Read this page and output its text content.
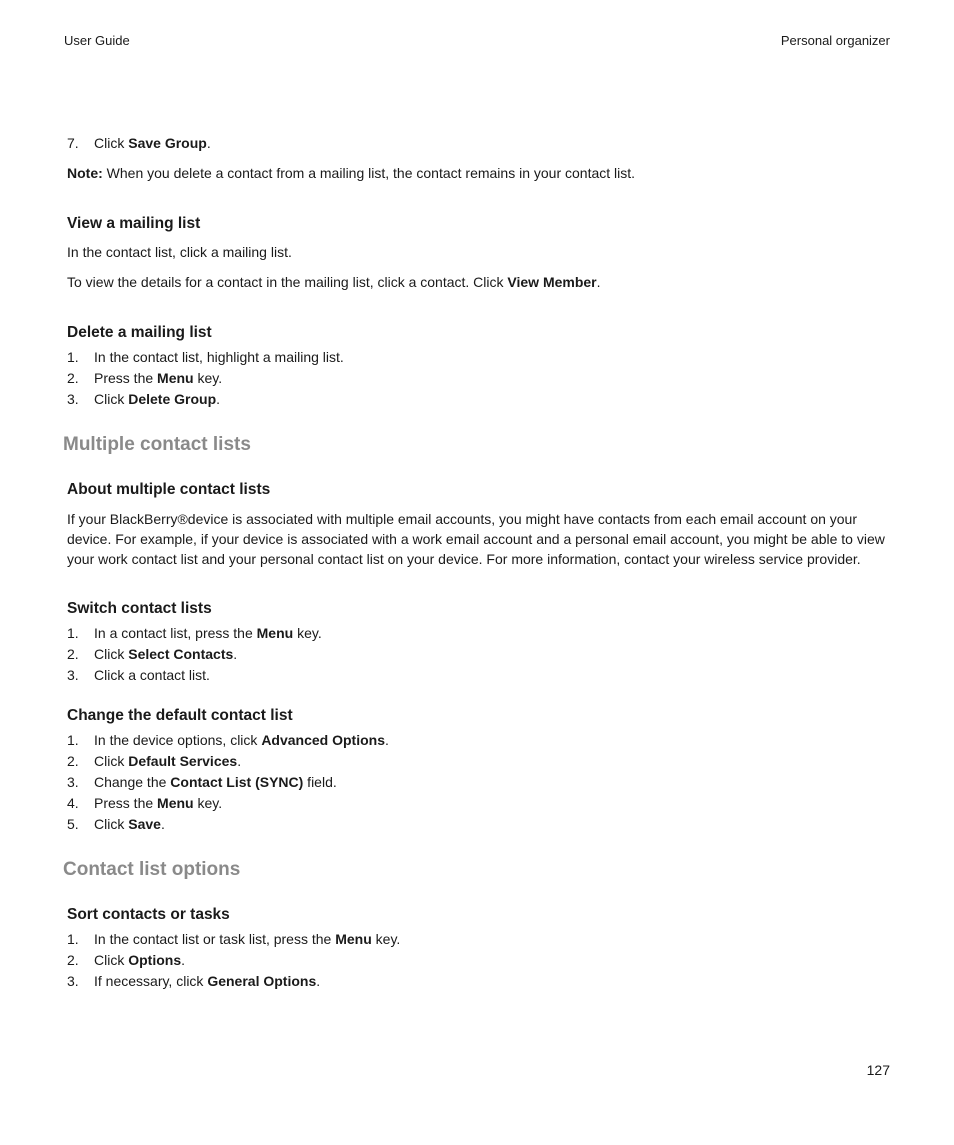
User Guide	Personal organizer
7.	Click Save Group.

Note: When you delete a contact from a mailing list, the contact remains in your contact list.

View a mailing list

In the contact list, click a mailing list.

To view the details for a contact in the mailing list, click a contact. Click View Member.

Delete a mailing list
1.	In the contact list, highlight a mailing list.
2.	Press the Menu key.
3.	Click Delete Group.
Multiple contact lists
About multiple contact lists

If your BlackBerry®device is associated with multiple email accounts, you might have contacts from each email account on your device. For example, if your device is associated with a work email account and a personal email account, you might be able to view your work contact list and your personal contact list on your device. For more information, contact your wireless service provider.

Switch contact lists
1.	In a contact list, press the Menu key.
2.	Click Select Contacts.
3.	Click a contact list.
Change the default contact list
1.	In the device options, click Advanced Options.
2.	Click Default Services.
3.	Change the Contact List (SYNC) field.
4.	Press the Menu key.
5.	Click Save.
Contact list options
Sort contacts or tasks
1.	In the contact list or task list, press the Menu key.
2.	Click Options.
3.	If necessary, click General Options.
127
